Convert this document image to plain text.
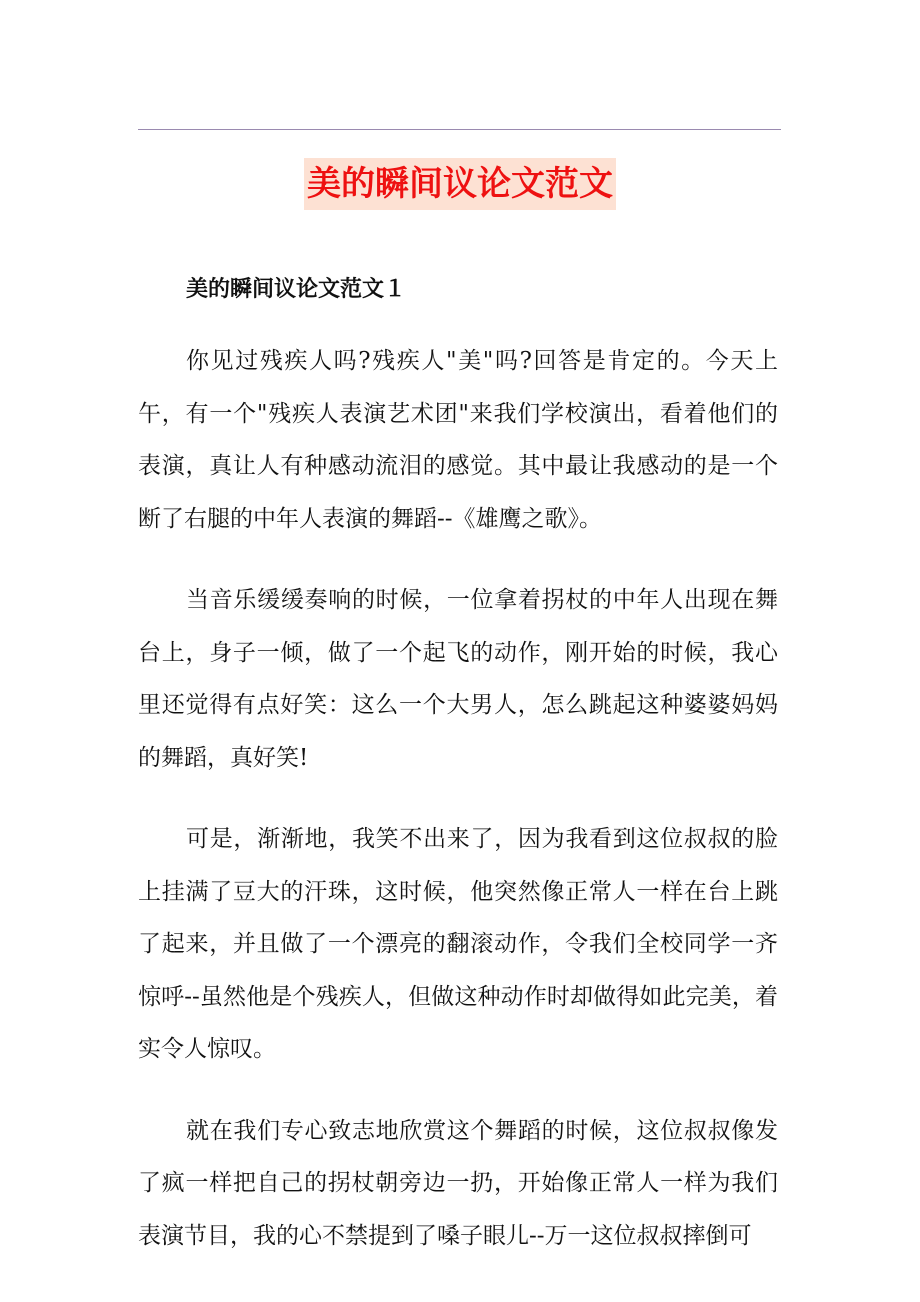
美的瞬间议论文范文

美的瞬间议论文范文１

你见过残疾人吗?残疾人"美"吗?回答是肯定的。今天上午，有一个"残疾人表演艺术团"来我们学校演出，看着他们的表演，真让人有种感动流泪的感觉。其中最让我感动的是一个断了右腿的中年人表演的舞蹈--《雄鹰之歌》。

当音乐缓缓奏响的时候，一位拿着拐杖的中年人出现在舞台上，身子一倾，做了一个起飞的动作，刚开始的时候，我心里还觉得有点好笑：这么一个大男人，怎么跳起这种婆婆妈妈的舞蹈，真好笑!

可是，渐渐地，我笑不出来了，因为我看到这位叔叔的脸上挂满了豆大的汗珠，这时候，他突然像正常人一样在台上跳了起来，并且做了一个漂亮的翻滚动作，令我们全校同学一齐惊呼--虽然他是个残疾人，但做这种动作时却做得如此完美，着实令人惊叹。

就在我们专心致志地欣赏这个舞蹈的时候，这位叔叔像发了疯一样把自己的拐杖朝旁边一扔，开始像正常人一样为我们表演节目，我的心不禁提到了嗓子眼儿--万一这位叔叔摔倒可
